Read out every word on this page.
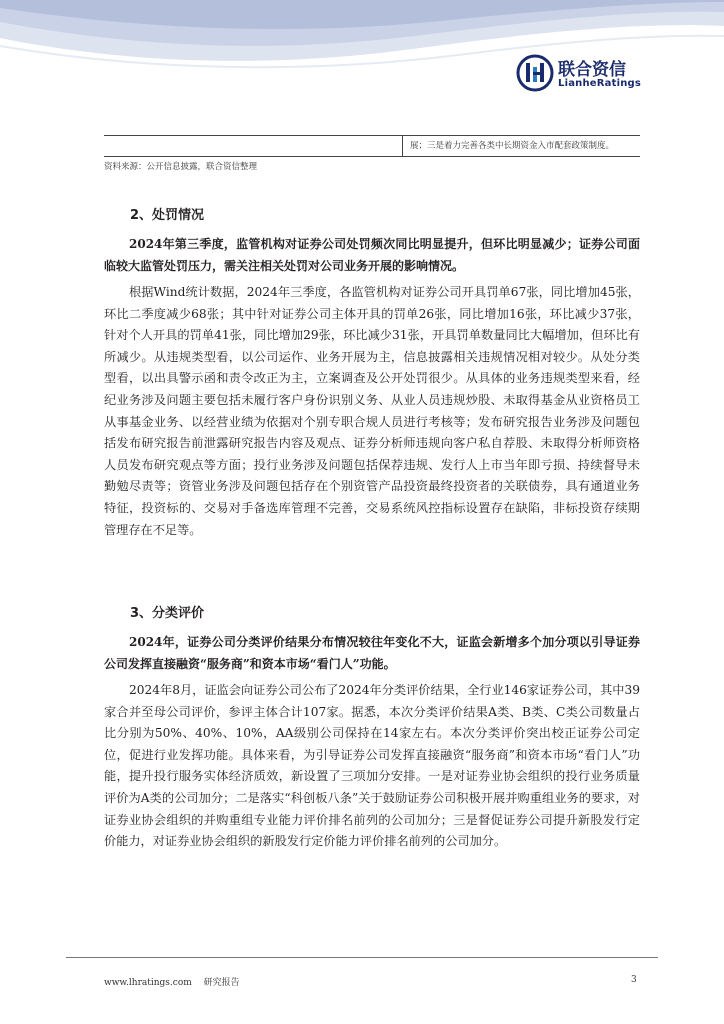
联合资信
LianheRatings
展；三是着力完善各类中长期资金入市配套政策制度。
资料来源：公开信息披露，联合资信整理
2、处罚情况

2024年第三季度，监管机构对证券公司处罚频次同比明显提升，但环比明显减少；证券公司面临较大监管处罚压力，需关注相关处罚对公司业务开展的影响情况。

根据Wind统计数据，2024年三季度，各监管机构对证券公司开具罚单67张，同比增加45张，环比二季度减少68张；其中针对证券公司主体开具的罚单26张，同比增加16张，环比减少37张，针对个人开具的罚单41张，同比增加29张，环比减少31张，开具罚单数量同比大幅增加，但环比有所减少。从违规类型看，以公司运作、业务开展为主，信息披露相关违规情况相对较少。从处分类型看，以出具警示函和责令改正为主，立案调查及公开处罚很少。从具体的业务违规类型来看，经纪业务涉及问题主要包括未履行客户身份识别义务、从业人员违规炒股、未取得基金从业资格员工从事基金业务、以经营业绩为依据对个别专职合规人员进行考核等；发布研究报告业务涉及问题包括发布研究报告前泄露研究报告内容及观点、证券分析师违规向客户私自荐股、未取得分析师资格人员发布研究观点等方面；投行业务涉及问题包括保荐违规、发行人上市当年即亏损、持续督导未勤勉尽责等；资管业务涉及问题包括存在个别资管产品投资最终投资者的关联债券，具有通道业务特征，投资标的、交易对手备选库管理不完善，交易系统风控指标设置存在缺陷，非标投资存续期管理存在不足等。

3、分类评价

2024年，证券公司分类评价结果分布情况较往年变化不大，证监会新增多个加分项以引导证券公司发挥直接融资“服务商”和资本市场“看门人”功能。

2024年8月，证监会向证券公司公布了2024年分类评价结果，全行业146家证券公司，其中39家合并至母公司评价，参评主体合计107家。据悉，本次分类评价结果A类、B类、C类公司数量占比分别为50%、40%、10%，AA级别公司保持在14家左右。本次分类评价突出校正证券公司定位，促进行业发挥功能。具体来看，为引导证券公司发挥直接融资“服务商”和资本市场“看门人”功能，提升投行服务实体经济质效，新设置了三项加分安排。一是对证券业协会组织的投行业务质量评价为A类的公司加分；二是落实“科创板八条”关于鼓励证券公司积极开展并购重组业务的要求，对证券业协会组织的并购重组专业能力评价排名前列的公司加分；三是督促证券公司提升新股发行定价能力，对证券业协会组织的新股发行定价能力评价排名前列的公司加分。

www.lhratings.com　 研究报告	3
